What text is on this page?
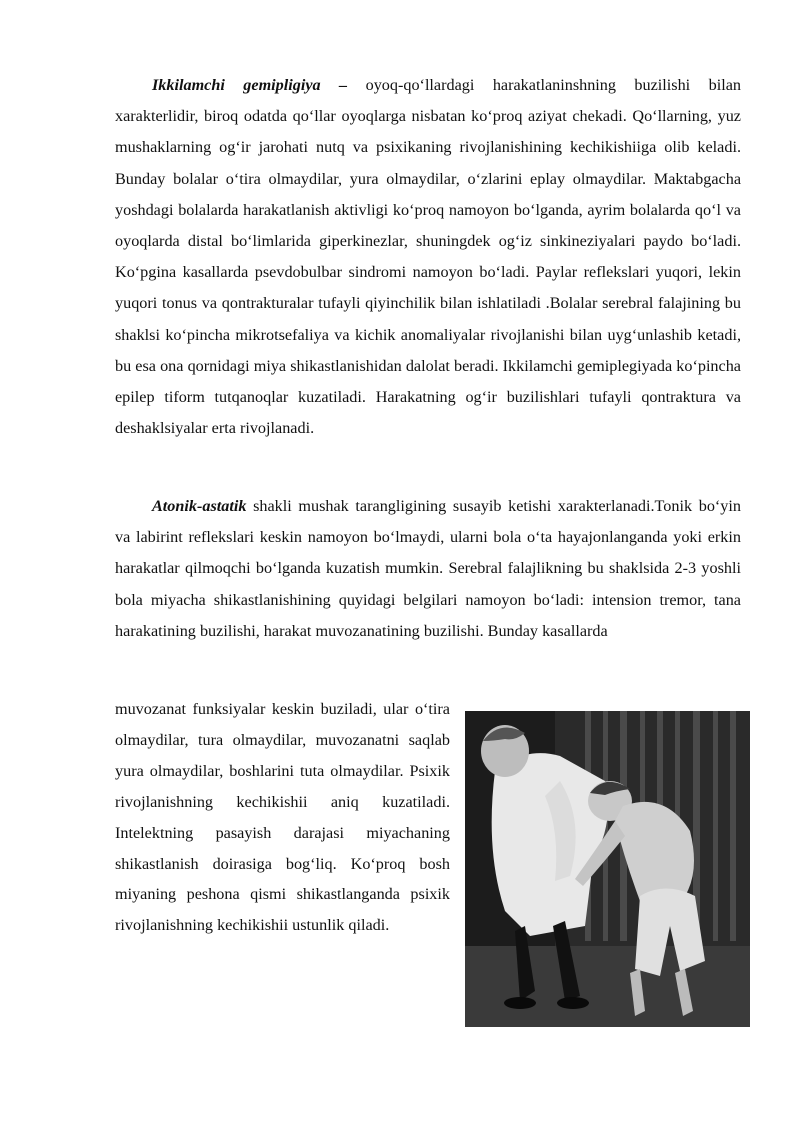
Ikkilamchi gemipligiya – oyoq-qo‘llardagi harakatlaninshning buzilishi bilan xarakterlidir, biroq odatda qo‘llar oyoqlarga nisbatan ko‘proq aziyat chekadi. Qo‘llarning, yuz mushaklarning og‘ir jarohati nutq va psixikaning rivojlanishining kechikishiiga olib keladi. Bunday bolalar o‘tira olmaydilar, yura olmaydilar, o‘zlarini eplay olmaydilar. Maktabgacha yoshdagi bolalarda harakatlanish aktivligi ko‘proq namoyon bo‘lganda, ayrim bolalarda qo‘l va oyoqlarda distal bo‘limlarida giperkinezlar, shuningdek og‘iz sinkineziyalari paydo bo‘ladi. Ko‘pgina kasallarda psevdobulbar sindromi namoyon bo‘ladi. Paylar reflekslari yuqori, lekin yuqori tonus va qontrakturalar tufayli qiyinchilik bilan ishlatiladi .Bolalar serebral falajining bu shaklsi ko‘pincha mikrotsefaliya va kichik anomaliyalar rivojlanishi bilan uyg‘unlashib ketadi, bu esa ona qornidagi miya shikastlanishidan dalolat beradi. Ikkilamchi gemiplegiyada ko‘pincha epilep tiform tutqanoqlar kuzatiladi. Harakatning og‘ir buzilishlari tufayli qontraktura va deshaklsiyalar erta rivojlanadi.

Atonik-astatik shakli mushak tarangligining susayib ketishi xarakterlanadi.Tonik bo‘yin va labirint reflekslari keskin namoyon bo‘lmaydi, ularni bola o‘ta hayajonlanganda yoki erkin harakatlar qilmoqchi bo‘lganda kuzatish mumkin. Serebral falajlikning bu shaklsida 2-3 yoshli bola miyacha shikastlanishining quyidagi belgilari namoyon bo‘ladi: intension tremor, tana harakatining buzilishi, harakat muvozanatining buzilishi. Bunday kasallarda

muvozanat funksiyalar keskin buziladi, ular o‘tira olmaydilar, tura olmaydilar, muvozanatni saqlab yura olmaydilar, boshlarini tuta olmaydilar. Psixik rivojlanishning kechikishii aniq kuzatiladi. Intelektning pasayish darajasi miyachaning shikastlanish doirasiga bog‘liq. Ko‘proq bosh miyaning peshona qismi shikastlanganda psixik rivojlanishning kechikishii ustunlik qiladi.
